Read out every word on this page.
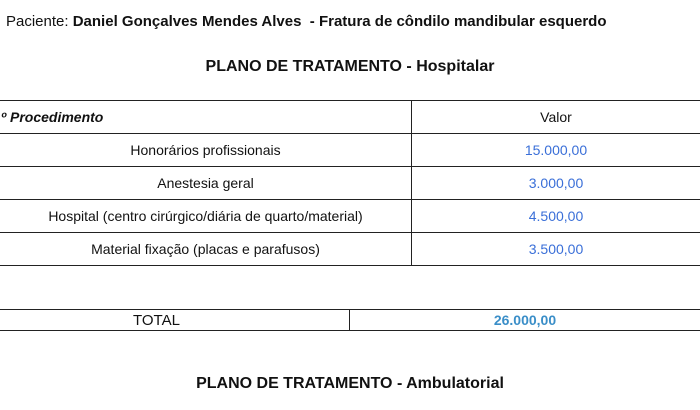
Paciente: Daniel Gonçalves Mendes Alves - Fratura de côndilo mandibular esquerdo
PLANO DE TRATAMENTO - Hospitalar
º Procedimento	Valor
Honorários profissionais	15.000,00
Anestesia geral	3.000,00
Hospital (centro cirúrgico/diária de quarto/material)	4.500,00
Material fixação (placas e parafusos)	3.500,00
TOTAL	26.000,00
PLANO DE TRATAMENTO - Ambulatorial
